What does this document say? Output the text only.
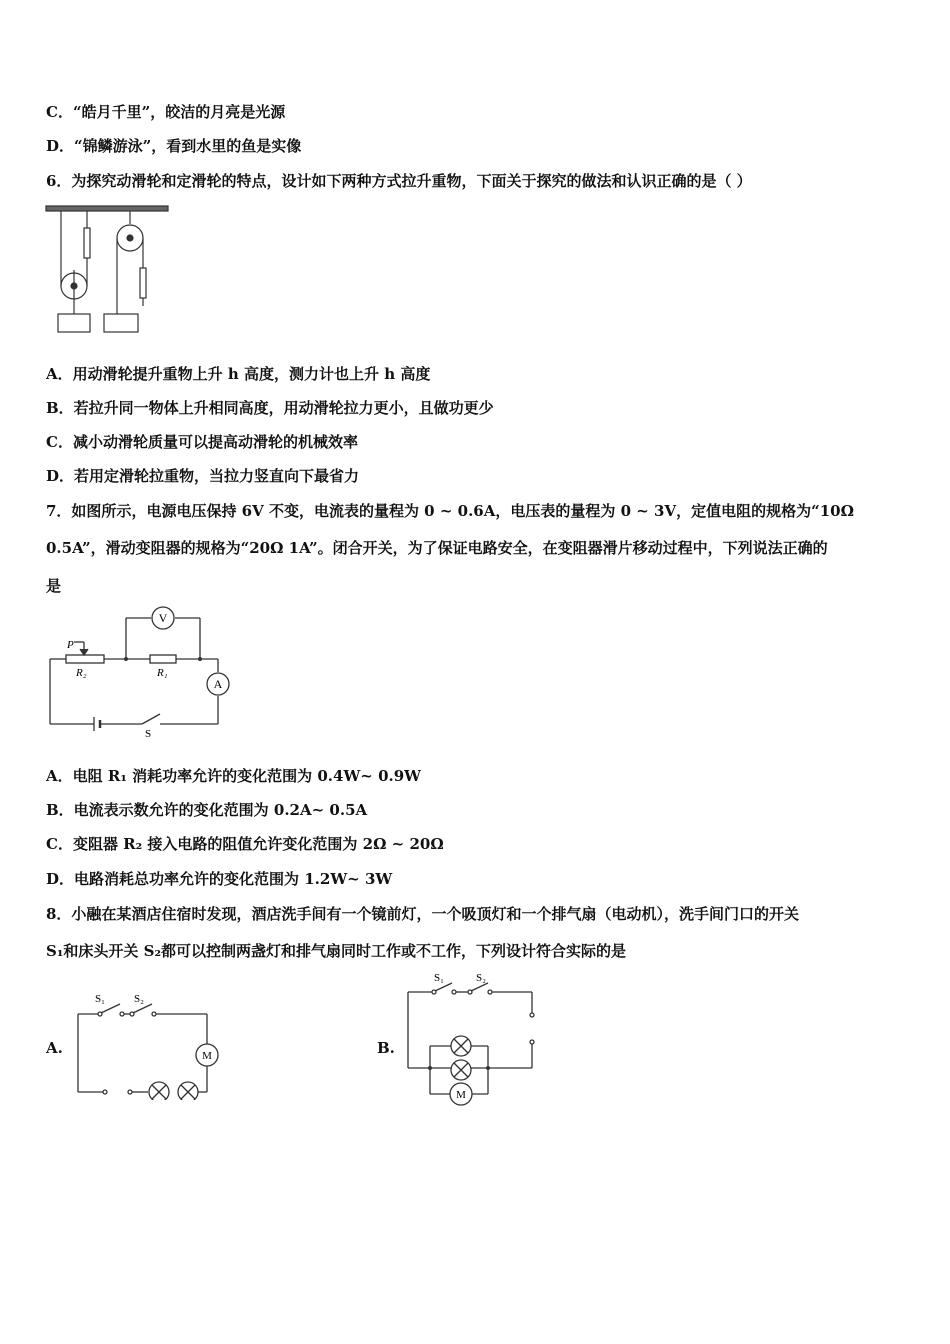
C．“皓月千里”，皎洁的月亮是光源
D．“锦鳞游泳”，看到水里的鱼是实像
6．为探究动滑轮和定滑轮的特点，设计如下两种方式拉升重物，下面关于探究的做法和认识正确的是（ ）
A．用动滑轮提升重物上升 h 高度，测力计也上升 h 高度
B．若拉升同一物体上升相同高度，用动滑轮拉力更小，且做功更少
C．减小动滑轮质量可以提高动滑轮的机械效率
D．若用定滑轮拉重物，当拉力竖直向下最省力
7．如图所示，电源电压保持 6V 不变，电流表的量程为 0 ~ 0.6A，电压表的量程为 0 ~ 3V，定值电阻的规格为“10Ω
0.5A”，滑动变阻器的规格为“20Ω 1A”。闭合开关，为了保证电路安全，在变阻器滑片移动过程中，下列说法正确的
是
V
A
P
R₂	R₁
S
A．电阻 R₁ 消耗功率允许的变化范围为 0.4W~ 0.9W
B．电流表示数允许的变化范围为 0.2A~ 0.5A
C．变阻器 R₂ 接入电路的阻值允许变化范围为 2Ω ~ 20Ω
D．电路消耗总功率允许的变化范围为 1.2W~ 3W
8．小融在某酒店住宿时发现，酒店洗手间有一个镜前灯，一个吸顶灯和一个排气扇（电动机），洗手间门口的开关
S₁和床头开关 S₂都可以控制两盏灯和排气扇同时工作或不工作，下列设计符合实际的是
A.
S₁	S₂
M	B.
S₁	S₂
M
